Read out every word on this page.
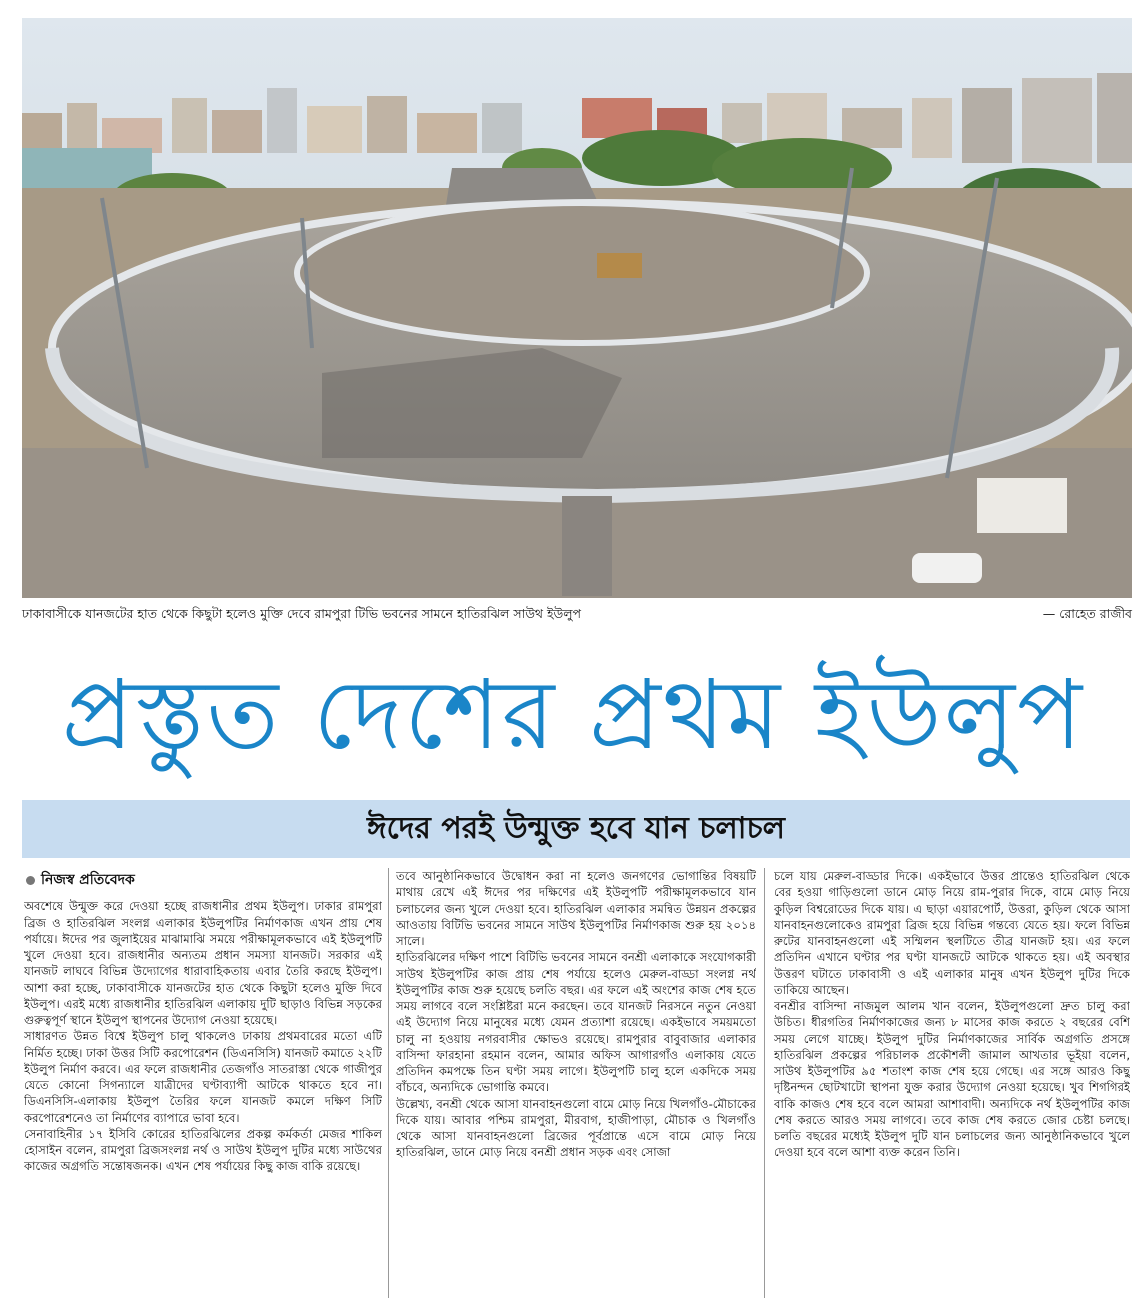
ঢাকাবাসীকে যানজটের হাত থেকে কিছুটা হলেও মুক্তি দেবে রামপুরা টিভি ভবনের সামনে হাতিরঝিল সাউথ ইউলুপ	— রোহেত রাজীব
প্রস্তুত দেশের প্রথম ইউলুপ
ঈদের পরই উন্মুক্ত হবে যান চলাচল
নিজস্ব প্রতিবেদক

অবশেষে উন্মুক্ত করে দেওয়া হচ্ছে রাজধানীর প্রথম ইউলুপ। ঢাকার রামপুরা ব্রিজ ও হাতিরঝিল সংলগ্ন এলাকার ইউলুপটির নির্মাণকাজ এখন প্রায় শেষ পর্যায়ে। ঈদের পর জুলাইয়ের মাঝামাঝি সময়ে পরীক্ষামূলকভাবে এই ইউলুপটি খুলে দেওয়া হবে। রাজধানীর অন্যতম প্রধান সমস্যা যানজট। সরকার এই যানজট লাঘবে বিভিন্ন উদ্যোগের ধারাবাহিকতায় এবার তৈরি করছে ইউলুপ। আশা করা হচ্ছে, ঢাকাবাসীকে যানজটের হাত থেকে কিছুটা হলেও মুক্তি দিবে ইউলুপ। এরই মধ্যে রাজধানীর হাতিরঝিল এলাকায় দুটি ছাড়াও বিভিন্ন সড়কের গুরুত্বপূর্ণ স্থানে ইউলুপ স্থাপনের উদ্যোগ নেওয়া হয়েছে।

সাধারণত উন্নত বিশ্বে ইউলুপ চালু থাকলেও ঢাকায় প্রথমবারের মতো এটি নির্মিত হচ্ছে। ঢাকা উত্তর সিটি করপোরেশন (ডিএনসিসি) যানজট কমাতে ২২টি ইউলুপ নির্মাণ করবে। এর ফলে রাজধানীর তেজগাঁও সাতরাস্তা থেকে গাজীপুর যেতে কোনো সিগন্যালে যাত্রীদের ঘণ্টাব্যাপী আটকে থাকতে হবে না। ডিএনসিসি-এলাকায় ইউলুপ তৈরির ফলে যানজট কমলে দক্ষিণ সিটি করপোরেশনেও তা নির্মাণের ব্যাপারে ভাবা হবে।

সেনাবাহিনীর ১৭ ইসিবি কোরের হাতিরঝিলের প্রকল্প কর্মকর্তা মেজর শাকিল হোসাইন বলেন, রামপুরা ব্রিজসংলগ্ন নর্থ ও সাউথ ইউলুপ দুটির মধ্যে সাউথের কাজের অগ্রগতি সন্তোষজনক। এখন শেষ পর্যায়ের কিছু কাজ বাকি রয়েছে।

তবে আনুষ্ঠানিকভাবে উদ্বোধন করা না হলেও জনগণের ভোগান্তির বিষয়টি মাথায় রেখে এই ঈদের পর দক্ষিণের এই ইউলুপটি পরীক্ষামূলকভাবে যান চলাচলের জন্য খুলে দেওয়া হবে। হাতিরঝিল এলাকার সমন্বিত উন্নয়ন প্রকল্পের আওতায় বিটিভি ভবনের সামনে সাউথ ইউলুপটির নির্মাণকাজ শুরু হয় ২০১৪ সালে।

হাতিরঝিলের দক্ষিণ পাশে বিটিভি ভবনের সামনে বনশ্রী এলাকাকে সংযোগকারী সাউথ ইউলুপটির কাজ প্রায় শেষ পর্যায়ে হলেও মেরুল-বাড্ডা সংলগ্ন নর্থ ইউলুপটির কাজ শুরু হয়েছে চলতি বছর। এর ফলে এই অংশের কাজ শেষ হতে সময় লাগবে বলে সংশ্লিষ্টরা মনে করছেন। তবে যানজট নিরসনে নতুন নেওয়া এই উদ্যোগ নিয়ে মানুষের মধ্যে যেমন প্রত্যাশা রয়েছে। একইভাবে সময়মতো চালু না হওয়ায় নগরবাসীর ক্ষোভও রয়েছে। রামপুরার বাবুবাজার এলাকার বাসিন্দা ফারহানা রহমান বলেন, আমার অফিস আগারগাঁও এলাকায় যেতে প্রতিদিন কমপক্ষে তিন ঘণ্টা সময় লাগে। ইউলুপটি চালু হলে একদিকে সময় বাঁচবে, অন্যদিকে ভোগান্তি কমবে।

উল্লেখ্য, বনশ্রী থেকে আসা যানবাহনগুলো বামে মোড় নিয়ে খিলগাঁও-মৌচাকের দিকে যায়। আবার পশ্চিম রামপুরা, মীরবাগ, হাজীপাড়া, মৌচাক ও খিলগাঁও থেকে আসা যানবাহনগুলো ব্রিজের পূর্বপ্রান্তে এসে বামে মোড় নিয়ে হাতিরঝিল, ডানে মোড় নিয়ে বনশ্রী প্রধান সড়ক এবং সোজা

চলে যায় মেরুল-বাড্ডার দিকে। একইভাবে উত্তর প্রান্তেও হাতিরঝিল থেকে বের হওয়া গাড়িগুলো ডানে মোড় নিয়ে রাম-পুরার দিকে, বামে মোড় নিয়ে কুড়িল বিশ্বরোডের দিকে যায়। এ ছাড়া এয়ারপোর্ট, উত্তরা, কুড়িল থেকে আসা যানবাহনগুলোকেও রামপুরা ব্রিজ হয়ে বিভিন্ন গন্তব্যে যেতে হয়। ফলে বিভিন্ন রুটের যানবাহনগুলো এই সম্মিলন স্থলটিতে তীব্র যানজট হয়। এর ফলে প্রতিদিন এখানে ঘণ্টার পর ঘণ্টা যানজটে আটকে থাকতে হয়। এই অবস্থার উত্তরণ ঘটাতে ঢাকাবাসী ও এই এলাকার মানুষ এখন ইউলুপ দুটির দিকে তাকিয়ে আছেন।

বনশ্রীর বাসিন্দা নাজমুল আলম খান বলেন, ইউলুপগুলো দ্রুত চালু করা উচিত। ধীরগতির নির্মাণকাজের জন্য ৮ মাসের কাজ করতে ২ বছরের বেশি সময় লেগে যাচ্ছে। ইউলুপ দুটির নির্মাণকাজের সার্বিক অগ্রগতি প্রসঙ্গে হাতিরঝিল প্রকল্পের পরিচালক প্রকৌশলী জামাল আখতার ভূইয়া বলেন, সাউথ ইউলুপটির ৯৫ শতাংশ কাজ শেষ হয়ে গেছে। এর সঙ্গে আরও কিছু দৃষ্টিনন্দন ছোটখাটো স্থাপনা যুক্ত করার উদ্যোগ নেওয়া হয়েছে। খুব শিগগিরই বাকি কাজও শেষ হবে বলে আমরা আশাবাদী। অন্যদিকে নর্থ ইউলুপটির কাজ শেষ করতে আরও সময় লাগবে। তবে কাজ শেষ করতে জোর চেষ্টা চলছে। চলতি বছরের মধ্যেই ইউলুপ দুটি যান চলাচলের জন্য আনুষ্ঠানিকভাবে খুলে দেওয়া হবে বলে আশা ব্যক্ত করেন তিনি।
